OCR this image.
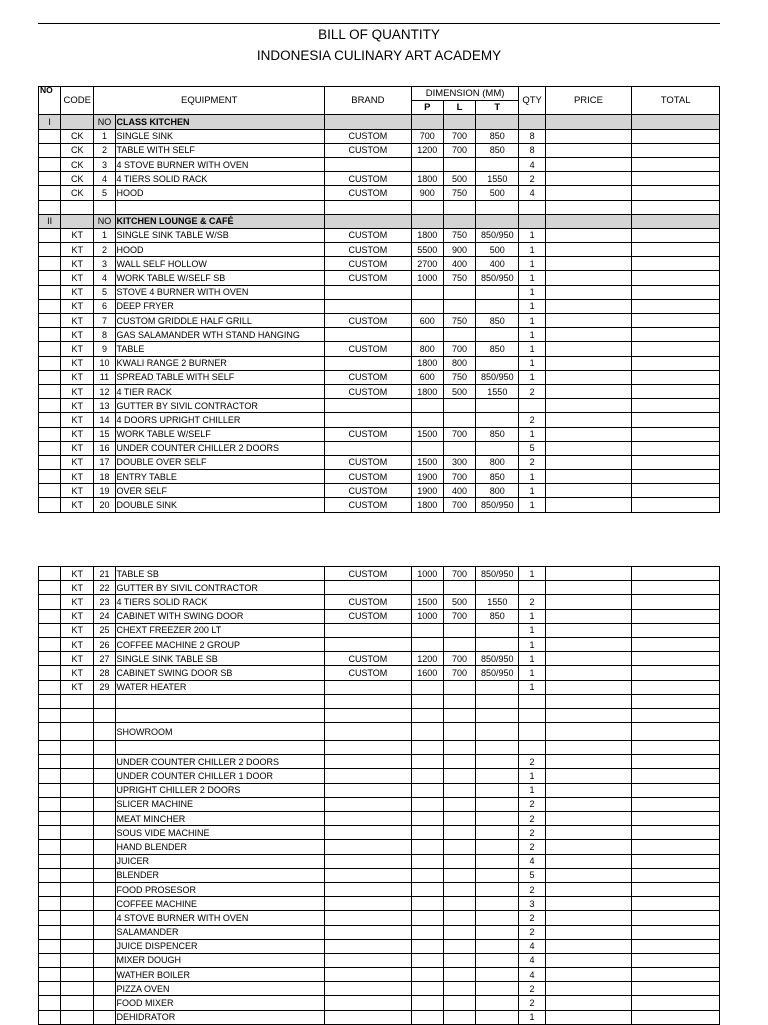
BILL OF QUANTITY
INDONESIA CULINARY ART ACADEMY
NO	CODE	EQUIPMENT		BRAND	DIMENSION (MM)			QTY	PRICE	TOTAL
					P	L	T			
I		NO	CLASS KITCHEN							
	CK	1	SINGLE SINK	CUSTOM	700	700	850	8		
	CK	2	TABLE WITH SELF	CUSTOM	1200	700	850	8		
	CK	3	4 STOVE BURNER WITH OVEN					4		
	CK	4	4 TIERS SOLID RACK	CUSTOM	1800	500	1550	2		
	CK	5	HOOD	CUSTOM	900	750	500	4		

II		NO	KITCHEN LOUNGE & CAFÉ							
	KT	1	SINGLE SINK TABLE W/SB	CUSTOM	1800	750	850/950	1		
	KT	2	HOOD	CUSTOM	5500	900	500	1		
	KT	3	WALL SELF HOLLOW	CUSTOM	2700	400	400	1		
	KT	4	WORK TABLE W/SELF SB	CUSTOM	1000	750	850/950	1		
	KT	5	STOVE 4 BURNER WITH OVEN					1		
	KT	6	DEEP FRYER					1		
	KT	7	CUSTOM GRIDDLE HALF GRILL	CUSTOM	600	750	850	1		
	KT	8	GAS SALAMANDER WTH STAND HANGING					1		
	KT	9	TABLE	CUSTOM	800	700	850	1		
	KT	10	KWALI RANGE 2 BURNER		1800	800		1		
	KT	11	SPREAD TABLE WITH SELF	CUSTOM	600	750	850/950	1		
	KT	12	4 TIER RACK	CUSTOM	1800	500	1550	2		
	KT	13	GUTTER BY SIVIL CONTRACTOR							
	KT	14	4 DOORS UPRIGHT CHILLER					2		
	KT	15	WORK TABLE W/SELF	CUSTOM	1500	700	850	1		
	KT	16	UNDER COUNTER CHILLER 2 DOORS					5		
	KT	17	DOUBLE OVER SELF	CUSTOM	1500	300	800	2		
	KT	18	ENTRY TABLE	CUSTOM	1900	700	850	1		
	KT	19	OVER SELF	CUSTOM	1900	400	800	1		
	KT	20	DOUBLE SINK	CUSTOM	1800	700	850/950	1		
	KT	21	TABLE SB	CUSTOM	1000	700	850/950	1		
	KT	22	GUTTER BY SIVIL CONTRACTOR							
	KT	23	4 TIERS SOLID RACK	CUSTOM	1500	500	1550	2		
	KT	24	CABINET WITH SWING DOOR	CUSTOM	1000	700	850	1		
	KT	25	CHEXT FREEZER 200 LT					1		
	KT	26	COFFEE MACHINE 2 GROUP					1		
	KT	27	SINGLE SINK TABLE SB	CUSTOM	1200	700	850/950	1		
	KT	28	CABINET SWING DOOR SB	CUSTOM	1600	700	850/950	1		
	KT	29	WATER HEATER					1		

			SHOWROOM							

			UNDER COUNTER CHILLER 2 DOORS					2		
			UNDER COUNTER CHILLER 1 DOOR					1		
			UPRIGHT CHILLER 2 DOORS					1		
			SLICER MACHINE					2		
			MEAT MINCHER					2		
			SOUS VIDE MACHINE					2		
			HAND BLENDER					2		
			JUICER					4		
			BLENDER					5		
			FOOD PROSESOR					2		
			COFFEE MACHINE					3		
			4 STOVE BURNER WITH OVEN					2		
			SALAMANDER					2		
			JUICE DISPENCER					4		
			MIXER DOUGH					4		
			WATHER BOILER					4		
			PIZZA OVEN					2		
			FOOD MIXER					2		
			DEHIDRATOR					1		
